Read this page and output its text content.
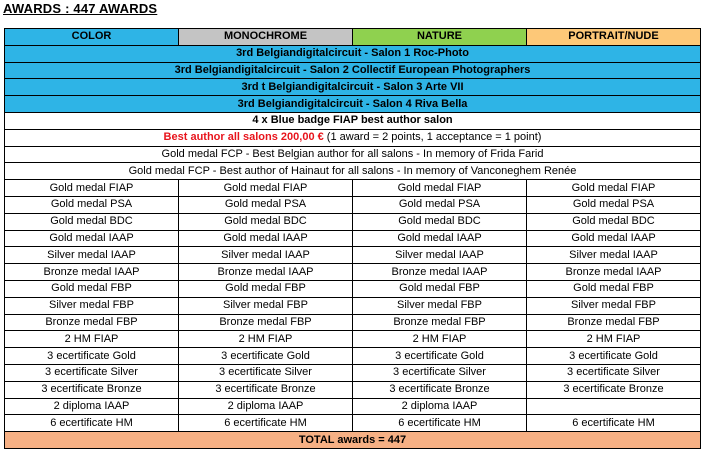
AWARDS : 447 AWARDS
COLOR	MONOCHROME	NATURE	PORTRAIT/NUDE
3rd Belgiandigitalcircuit - Salon 1 Roc-Photo			
3rd Belgiandigitalcircuit - Salon 2 Collectif European Photographers			
3rd t Belgiandigitalcircuit - Salon 3 Arte VII			
3rd Belgiandigitalcircuit - Salon 4 Riva Bella			
4 x Blue badge FIAP best author salon			
Best author all salons 200,00 € (1 award = 2 points, 1 acceptance = 1 point)			
Gold medal FCP - Best Belgian author for all salons - In memory of Frida Farid			
Gold medal FCP - Best author of Hainaut for all salons - In memory of Vanconeghem Renée			
Gold medal FIAP	Gold medal FIAP	Gold medal FIAP	Gold medal FIAP
Gold medal PSA	Gold medal PSA	Gold medal PSA	Gold medal PSA
Gold medal BDC	Gold medal BDC	Gold medal BDC	Gold medal BDC
Gold medal IAAP	Gold medal IAAP	Gold medal IAAP	Gold medal IAAP
Silver medal IAAP	Silver medal IAAP	Silver medal IAAP	Silver medal IAAP
Bronze medal IAAP	Bronze medal IAAP	Bronze medal IAAP	Bronze medal IAAP
Gold medal FBP	Gold medal FBP	Gold medal FBP	Gold medal FBP
Silver medal FBP	Silver medal FBP	Silver medal FBP	Silver medal FBP
Bronze medal FBP	Bronze medal FBP	Bronze medal FBP	Bronze medal FBP
2 HM FIAP	2 HM FIAP	2 HM FIAP	2 HM FIAP
3 ecertificate Gold	3 ecertificate Gold	3 ecertificate Gold	3 ecertificate Gold
3 ecertificate Silver	3 ecertificate Silver	3 ecertificate Silver	3 ecertificate Silver
3 ecertificate Bronze	3 ecertificate Bronze	3 ecertificate Bronze	3 ecertificate Bronze
2 diploma IAAP	2 diploma IAAP	2 diploma IAAP	
6 ecertificate HM	6 ecertificate HM	6 ecertificate HM	6 ecertificate HM
TOTAL awards = 447			
